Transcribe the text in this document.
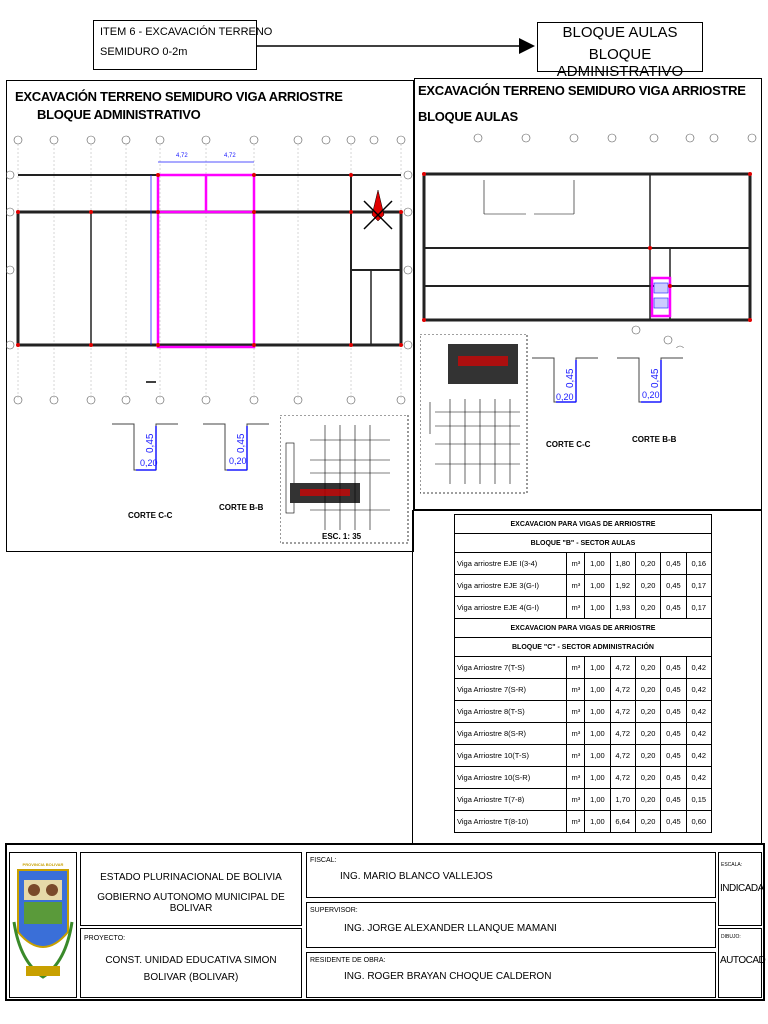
ITEM 6 - EXCAVACIÓN TERRENO
SEMIDURO 0-2m
BLOQUE AULAS
BLOQUE ADMINISTRATIVO
EXCAVACIÓN TERRENO SEMIDURO VIGA ARRIOSTRE
BLOQUE ADMINISTRATIVO
4,72	4,72
0,45
0,20
CORTE C-C
0,45
0,20
CORTE B-B
ESC. 1: 35
EXCAVACIÓN TERRENO SEMIDURO VIGA ARRIOSTRE
BLOQUE AULAS
0,45
0,20
CORTE C-C
0,45
0,20
CORTE B-B
EXCAVACION PARA VIGAS DE ARRIOSTRE						
BLOQUE "B" - SECTOR AULAS						
Viga arriostre EJE I(3-4)	m³	1,00	1,80	0,20	0,45	0,16
Viga arriostre EJE 3(G-I)	m³	1,00	1,92	0,20	0,45	0,17
Viga arriostre EJE 4(G-I)	m³	1,00	1,93	0,20	0,45	0,17
EXCAVACION PARA VIGAS DE ARRIOSTRE						
BLOQUE "C" - SECTOR ADMINISTRACIÓN						
Viga Arriostre 7(T-S)	m³	1,00	4,72	0,20	0,45	0,42
Viga Arriostre 7(S-R)	m³	1,00	4,72	0,20	0,45	0,42
Viga Arriostre 8(T-S)	m³	1,00	4,72	0,20	0,45	0,42
Viga Arriostre 8(S-R)	m³	1,00	4,72	0,20	0,45	0,42
Viga Arriostre 10(T-S)	m³	1,00	4,72	0,20	0,45	0,42
Viga Arriostre 10(S-R)	m³	1,00	4,72	0,20	0,45	0,42
Viga Arriostre T(7-8)	m³	1,00	1,70	0,20	0,45	0,15
Viga Arriostre T(8-10)	m³	1,00	6,64	0,20	0,45	0,60
PROVINCIA BOLIVAR
ESTADO PLURINACIONAL DE BOLIVIA
GOBIERNO AUTONOMO MUNICIPAL DE BOLIVAR
PROYECTO:
CONST. UNIDAD EDUCATIVA SIMON
BOLIVAR (BOLIVAR)
FISCAL:
ING. MARIO BLANCO VALLEJOS
SUPERVISOR:
ING. JORGE ALEXANDER LLANQUE MAMANI
RESIDENTE DE OBRA:
ING. ROGER BRAYAN CHOQUE CALDERON
ESCALA:
INDICADA
DIBUJO:
AUTOCAD
